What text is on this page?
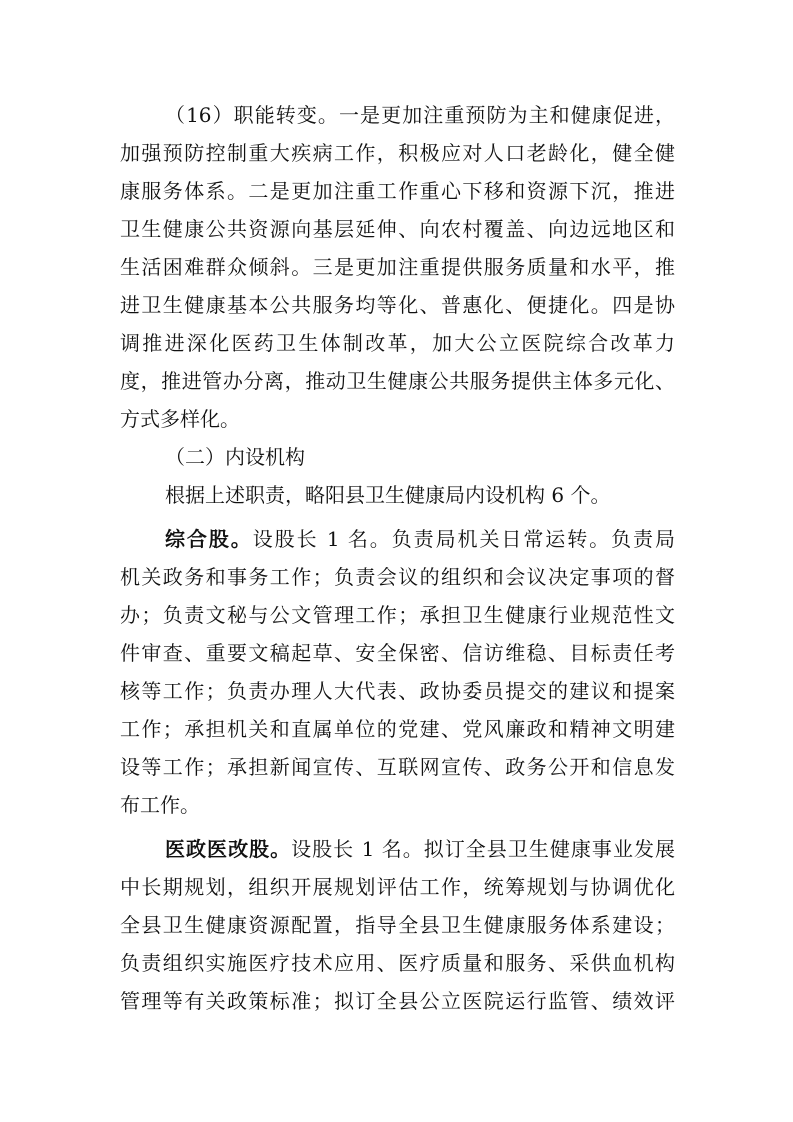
（16）职能转变。一是更加注重预防为主和健康促进，
加强预防控制重大疾病工作，积极应对人口老龄化，健全健
康服务体系。二是更加注重工作重心下移和资源下沉，推进
卫生健康公共资源向基层延伸、向农村覆盖、向边远地区和
生活困难群众倾斜。三是更加注重提供服务质量和水平，推
进卫生健康基本公共服务均等化、普惠化、便捷化。四是协
调推进深化医药卫生体制改革，加大公立医院综合改革力
度，推进管办分离，推动卫生健康公共服务提供主体多元化、
方式多样化。
（二）内设机构
根据上述职责，略阳县卫生健康局内设机构 6 个。
综合股。设股长 1 名。负责局机关日常运转。负责局
机关政务和事务工作；负责会议的组织和会议决定事项的督
办；负责文秘与公文管理工作；承担卫生健康行业规范性文
件审查、重要文稿起草、安全保密、信访维稳、目标责任考
核等工作；负责办理人大代表、政协委员提交的建议和提案
工作；承担机关和直属单位的党建、党风廉政和精神文明建
设等工作；承担新闻宣传、互联网宣传、政务公开和信息发
布工作。
医政医改股。设股长 1 名。拟订全县卫生健康事业发展
中长期规划，组织开展规划评估工作，统筹规划与协调优化
全县卫生健康资源配置，指导全县卫生健康服务体系建设；
负责组织实施医疗技术应用、医疗质量和服务、采供血机构
管理等有关政策标准；拟订全县公立医院运行监管、绩效评
